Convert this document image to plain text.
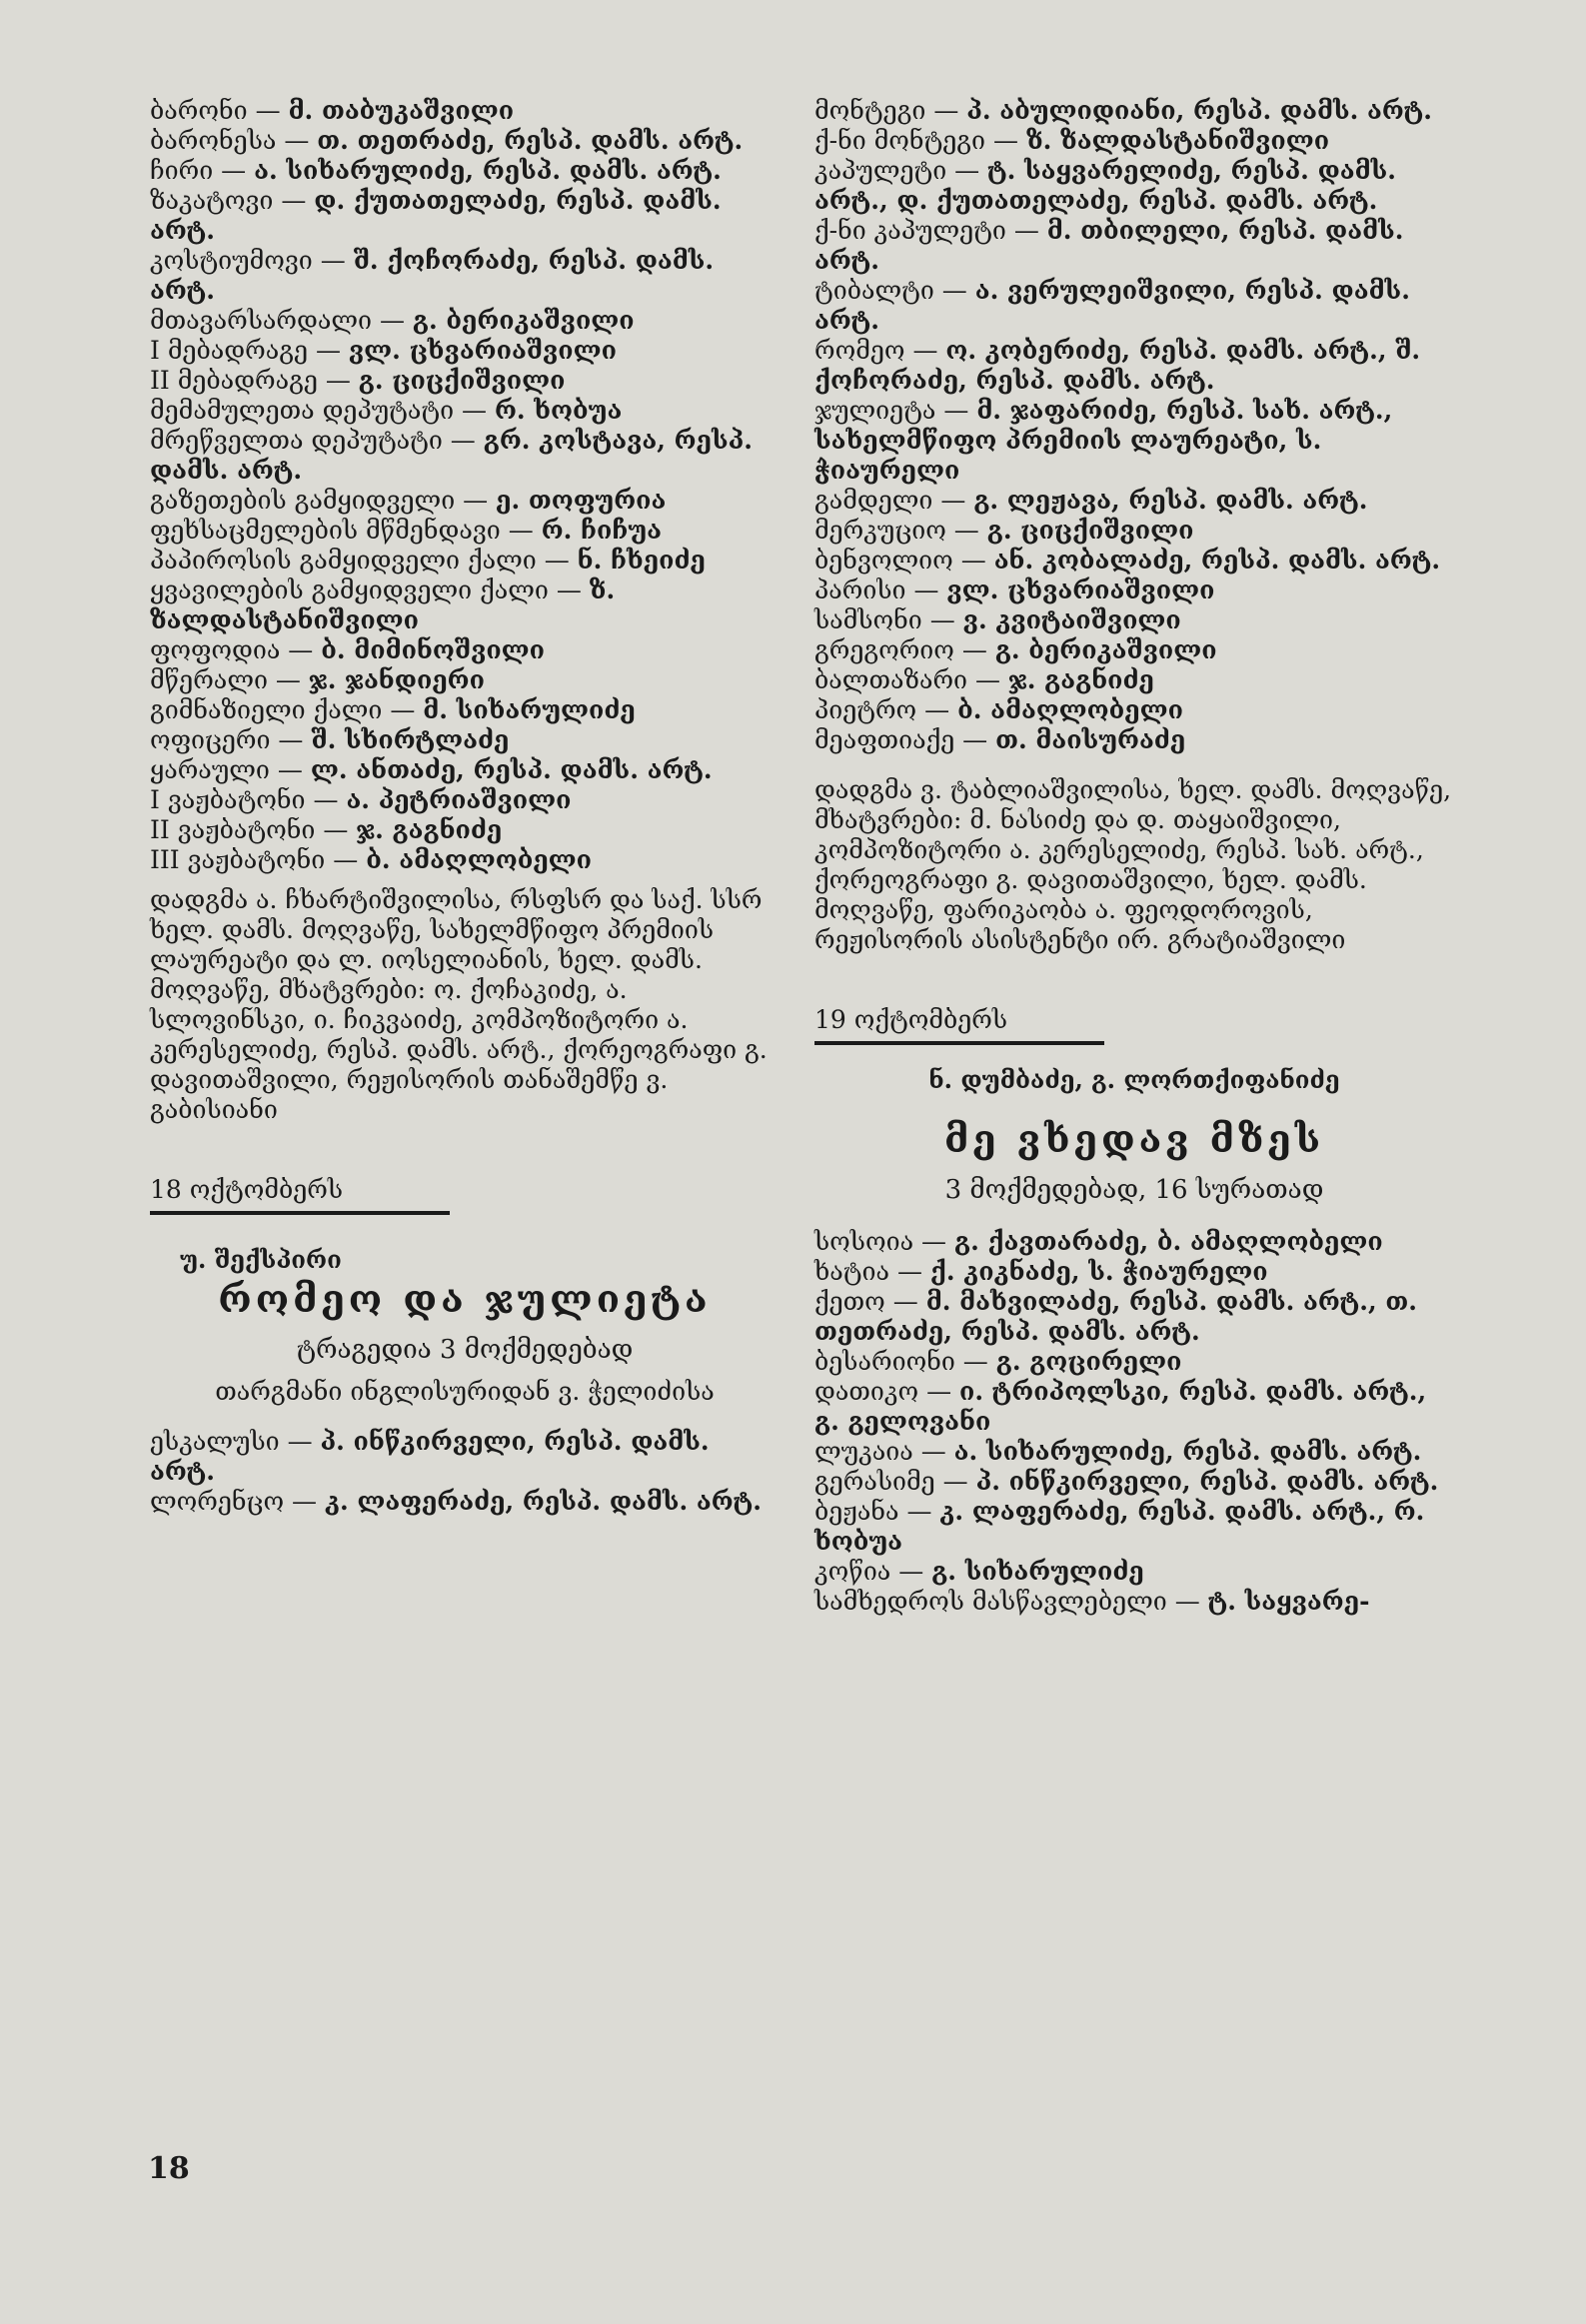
ბარონი — მ. თაბუკაშვილი
ბარონესა — თ. თეთრაძე, რესპ. დამს. არტ.
ჩირი — ა. სიხარულიძე, რესპ. დამს. არტ.
ზაკატოვი — დ. ქუთათელაძე, რესპ. დამს. არტ.
კოსტიუმოვი — შ. ქოჩორაძე, რესპ. დამს. არტ.
მთავარსარდალი — გ. ბერიკაშვილი
I მებადრაგე — ვლ. ცხვარიაშვილი
II მებადრაგე — გ. ციცქიშვილი
მემამულეთა დეპუტატი — რ. ხობუა
მრეწველთა დეპუტატი — გრ. კოსტავა, რესპ. დამს. არტ.
გაზეთების გამყიდველი — ე. თოფურია
ფეხსაცმელების მწმენდავი — რ. ჩიჩუა
პაპიროსის გამყიდველი ქალი — ნ. ჩხეიძე
ყვავილების გამყიდველი ქალი — ზ. ზალდასტანიშვილი
ფოფოდია — ბ. მიმინოშვილი
მწერალი — ჯ. ჯანდიერი
გიმნაზიელი ქალი — მ. სიხარულიძე
ოფიცერი — შ. სხირტლაძე
ყარაული — ლ. ანთაძე, რესპ. დამს. არტ.
I ვაჟბატონი — ა. პეტრიაშვილი
II ვაჟბატონი — ჯ. გაგნიძე
III ვაჟბატონი — ბ. ამაღლობელი
დადგმა ა. ჩხარტიშვილისა, რსფსრ და საქ. სსრ ხელ. დამს. მოღვაწე, სახელმწიფო პრემიის ლაურეატი და ლ. იოსელიანის, ხელ. დამს. მოღვაწე, მხატვრები: ო. ქოჩაკიძე, ა. სლოვინსკი, ი. ჩიკვაიძე, კომპოზიტორი ა. კერესელიძე, რესპ. დამს. არტ., ქორეოგრაფი გ. დავითაშვილი, რეჟისორის თანაშემწე ვ. გაბისიანი
18 ოქტომბერს
უ. შექსპირი
რომეო და ჯულიეტა
ტრაგედია 3 მოქმედებად
თარგმანი ინგლისურიდან ვ. ჭელიძისა
ესკალუსი — პ. ინწკირველი, რესპ. დამს. არტ.
ლორენცო — კ. ლაფერაძე, რესპ. დამს. არტ.
მონტეგი — პ. აბულიდიანი, რესპ. დამს. არტ.
ქ-ნი მონტეგი — ზ. ზალდასტანიშვილი
კაპულეტი — ტ. საყვარელიძე, რესპ. დამს. არტ., დ. ქუთათელაძე, რესპ. დამს. არტ.
ქ-ნი კაპულეტი — მ. თბილელი, რესპ. დამს. არტ.
ტიბალტი — ა. ვერულეიშვილი, რესპ. დამს. არტ.
რომეო — ო. კობერიძე, რესპ. დამს. არტ., შ. ქოჩორაძე, რესპ. დამს. არტ.
ჯულიეტა — მ. ჯაფარიძე, რესპ. სახ. არტ., სახელმწიფო პრემიის ლაურეატი, ს. ჭიაურელი
გამდელი — გ. ლეჟავა, რესპ. დამს. არტ.
მერკუციო — გ. ციცქიშვილი
ბენვოლიო — ან. კობალაძე, რესპ. დამს. არტ.
პარისი — ვლ. ცხვარიაშვილი
სამსონი — ვ. კვიტაიშვილი
გრეგორიო — გ. ბერიკაშვილი
ბალთაზარი — ჯ. გაგნიძე
პიეტრო — ბ. ამაღლობელი
მეაფთიაქე — თ. მაისურაძე
დადგმა ვ. ტაბლიაშვილისა, ხელ. დამს. მოღვაწე, მხატვრები: მ. ნასიძე და დ. თაყაიშვილი, კომპოზიტორი ა. კერესელიძე, რესპ. სახ. არტ., ქორეოგრაფი გ. დავითაშვილი, ხელ. დამს. მოღვაწე, ფარიკაობა ა. ფეოდოროვის, რეჟისორის ასისტენტი ირ. გრატიაშვილი
19 ოქტომბერს
ნ. დუმბაძე, გ. ლორთქიფანიძე
მე ვხედავ მზეს
3 მოქმედებად, 16 სურათად
სოსოია — გ. ქავთარაძე, ბ. ამაღლობელი
ხატია — ქ. კიკნაძე, ს. ჭიაურელი
ქეთო — მ. მახვილაძე, რესპ. დამს. არტ., თ. თეთრაძე, რესპ. დამს. არტ.
ბესარიონი — გ. გოცირელი
დათიკო — ი. ტრიპოლსკი, რესპ. დამს. არტ., გ. გელოვანი
ლუკაია — ა. სიხარულიძე, რესპ. დამს. არტ.
გერასიმე — პ. ინწკირველი, რესპ. დამს. არტ.
ბეჟანა — კ. ლაფერაძე, რესპ. დამს. არტ., რ. ხობუა
კოწია — გ. სიხარულიძე
სამხედროს მასწავლებელი — ტ. საყვარე-
18
